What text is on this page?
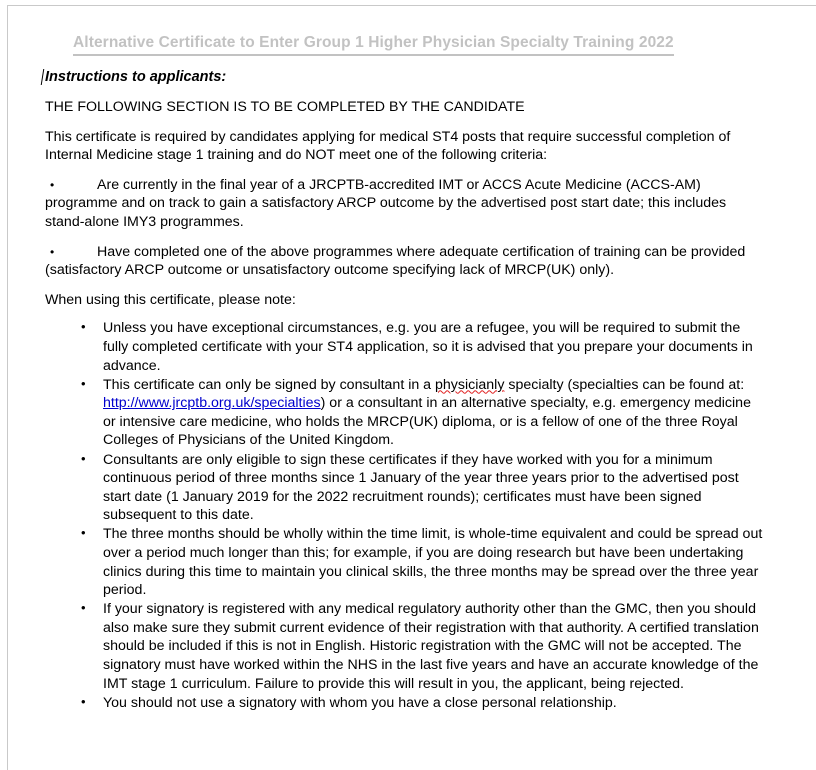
Alternative Certificate to Enter Group 1 Higher Physician Specialty Training 2022
Instructions to applicants:
THE FOLLOWING SECTION IS TO BE COMPLETED BY THE CANDIDATE
This certificate is required by candidates applying for medical ST4 posts that require successful completion of Internal Medicine stage 1 training and do NOT meet one of the following criteria:
•	Are currently in the final year of a JRCPTB-accredited IMT or ACCS Acute Medicine (ACCS-AM) programme and on track to gain a satisfactory ARCP outcome by the advertised post start date; this includes stand-alone IMY3 programmes.
•	Have completed one of the above programmes where adequate certification of training can be provided (satisfactory ARCP outcome or unsatisfactory outcome specifying lack of MRCP(UK) only).
When using this certificate, please note:
• Unless you have exceptional circumstances, e.g. you are a refugee, you will be required to submit the fully completed certificate with your ST4 application, so it is advised that you prepare your documents in advance.
• This certificate can only be signed by consultant in a physicianly specialty (specialties can be found at: http://www.jrcptb.org.uk/specialties) or a consultant in an alternative specialty, e.g. emergency medicine or intensive care medicine, who holds the MRCP(UK) diploma, or is a fellow of one of the three Royal Colleges of Physicians of the United Kingdom.
• Consultants are only eligible to sign these certificates if they have worked with you for a minimum continuous period of three months since 1 January of the year three years prior to the advertised post start date (1 January 2019 for the 2022 recruitment rounds); certificates must have been signed subsequent to this date.
• The three months should be wholly within the time limit, is whole-time equivalent and could be spread out over a period much longer than this; for example, if you are doing research but have been undertaking clinics during this time to maintain you clinical skills, the three months may be spread over the three year period.
• If your signatory is registered with any medical regulatory authority other than the GMC, then you should also make sure they submit current evidence of their registration with that authority. A certified translation should be included if this is not in English. Historic registration with the GMC will not be accepted. The signatory must have worked within the NHS in the last five years and have an accurate knowledge of the IMT stage 1 curriculum. Failure to provide this will result in you, the applicant, being rejected.
• You should not use a signatory with whom you have a close personal relationship.
